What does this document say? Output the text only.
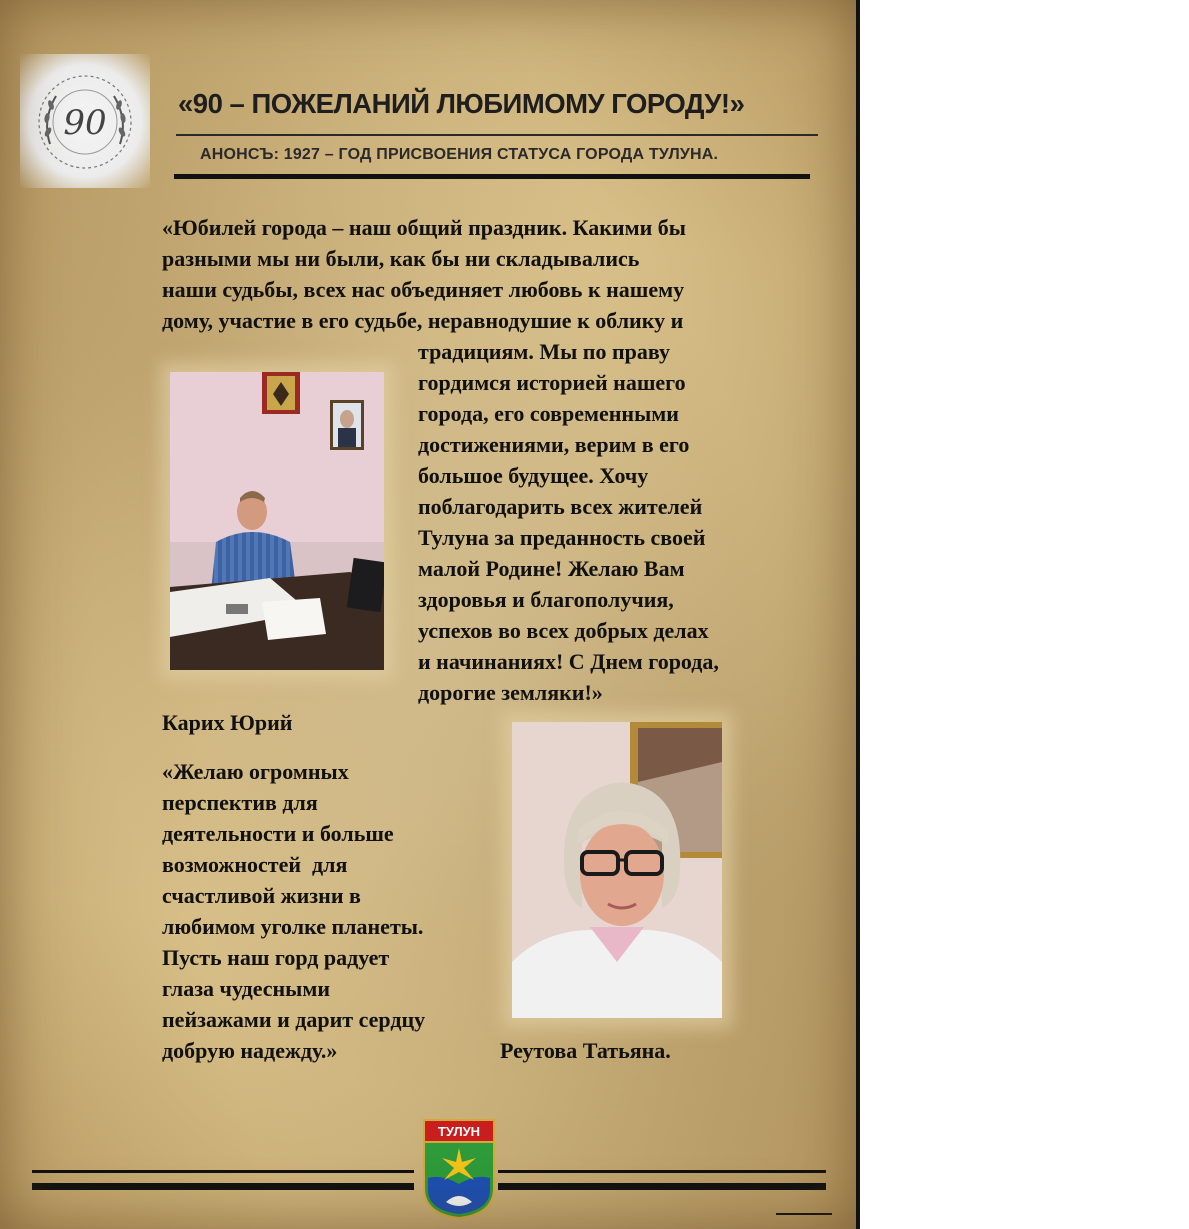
90	«90 – ПОЖЕЛАНИЙ ЛЮБИМОМУ ГОРОДУ!»
АНОНСЪ: 1927 – ГОД ПРИСВОЕНИЯ СТАТУСА ГОРОДА ТУЛУНА.
«Юбилей города – наш общий праздник. Какими бы
разными мы ни были, как бы ни складывались
наши судьбы, всех нас объединяет любовь к нашему
дому, участие в его судьбе, неравнодушие к облику и
традициям. Мы по праву
гордимся историей нашего
города, его современными
достижениями, верим в его
большое будущее. Хочу
поблагодарить всех жителей
Тулуна за преданность своей
малой Родине! Желаю Вам
здоровья и благополучия,
успехов во всех добрых делах
и начинаниях! С Днем города,
дорогие земляки!»
Карих Юрий
«Желаю огромных
перспектив для
деятельности и больше
возможностей  для
счастливой жизни в
любимом уголке планеты.
Пусть наш горд радует
глаза чудесными
пейзажами и дарит сердцу
добрую надежду.»	Реутова Татьяна.
ТУЛУН
